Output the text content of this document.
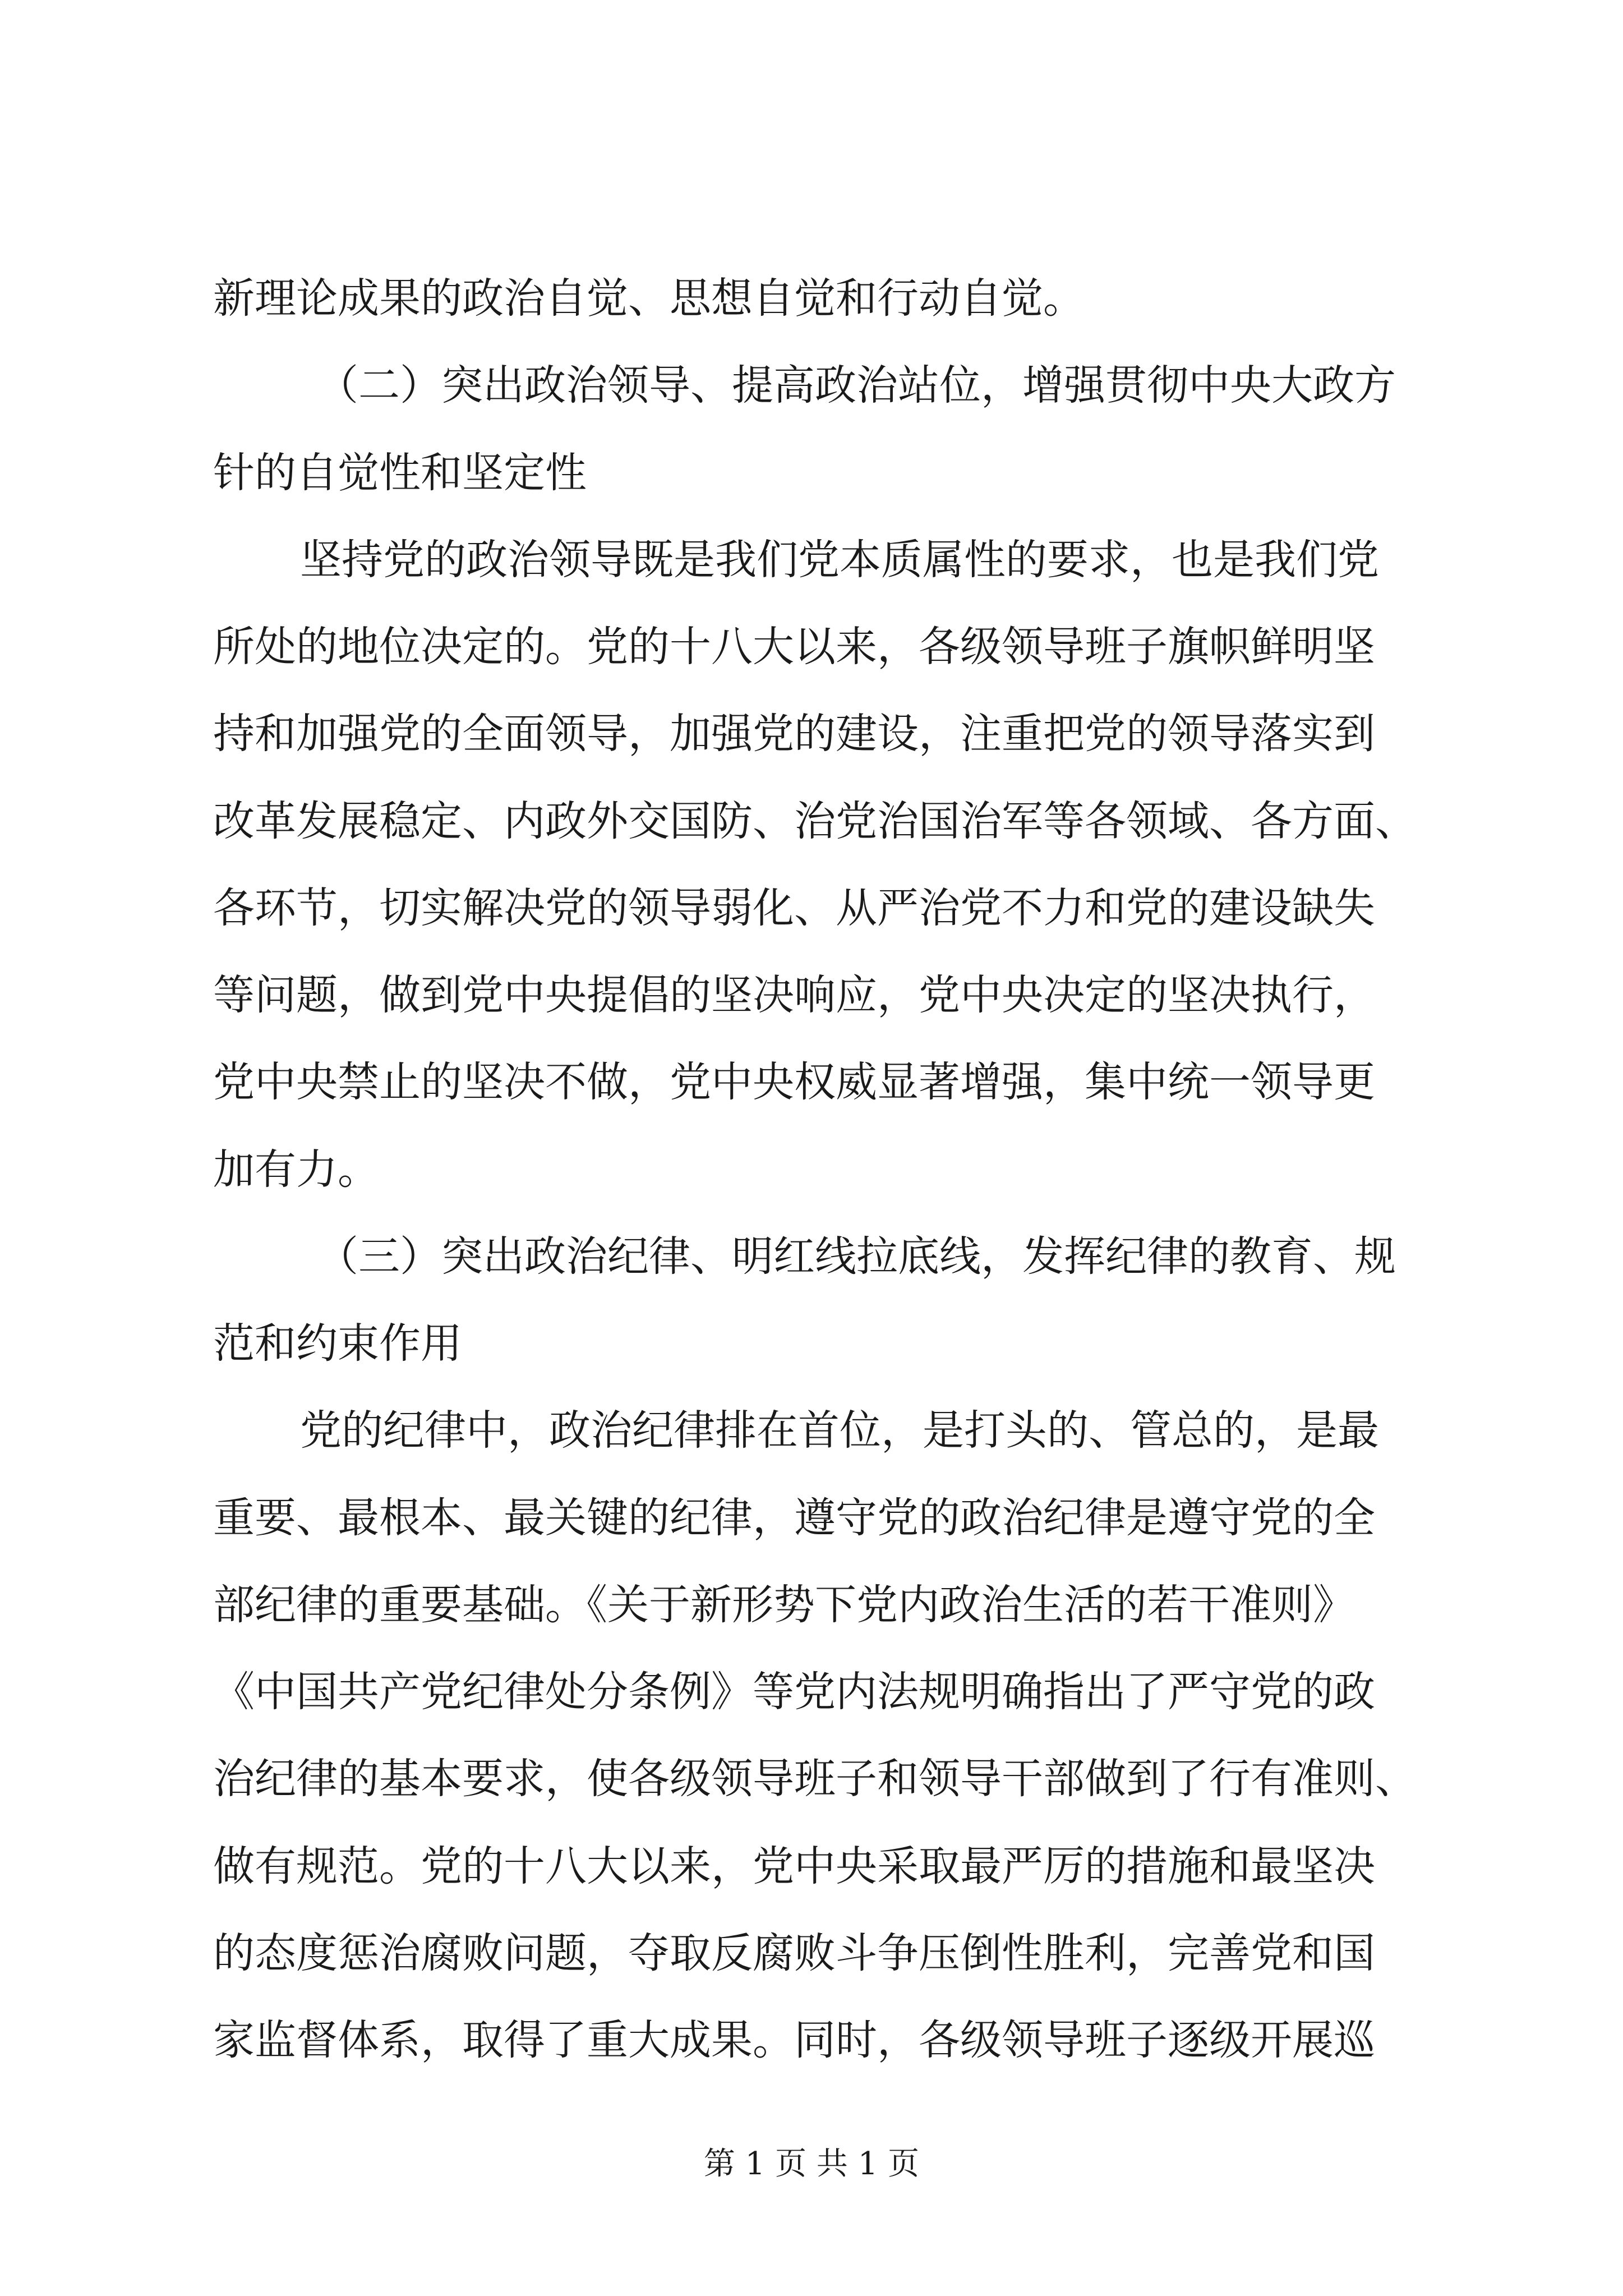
新理论成果的政治自觉、思想自觉和行动自觉。
（二）突出政治领导、提高政治站位，增强贯彻中央大政方
针的自觉性和坚定性
坚持党的政治领导既是我们党本质属性的要求，也是我们党
所处的地位决定的。党的十八大以来，各级领导班子旗帜鲜明坚
持和加强党的全面领导，加强党的建设，注重把党的领导落实到
改革发展稳定、内政外交国防、治党治国治军等各领域、各方面、
各环节，切实解决党的领导弱化、从严治党不力和党的建设缺失
等问题，做到党中央提倡的坚决响应，党中央决定的坚决执行，
党中央禁止的坚决不做，党中央权威显著增强，集中统一领导更
加有力。
（三）突出政治纪律、明红线拉底线，发挥纪律的教育、规
范和约束作用
党的纪律中，政治纪律排在首位，是打头的、管总的，是最
重要、最根本、最关键的纪律，遵守党的政治纪律是遵守党的全
部纪律的重要基础。《关于新形势下党内政治生活的若干准则》
《中国共产党纪律处分条例》等党内法规明确指出了严守党的政
治纪律的基本要求，使各级领导班子和领导干部做到了行有准则、
做有规范。党的十八大以来，党中央采取最严厉的措施和最坚决
的态度惩治腐败问题，夺取反腐败斗争压倒性胜利，完善党和国
家监督体系，取得了重大成果。同时，各级领导班子逐级开展巡
第 1 页 共 1 页
